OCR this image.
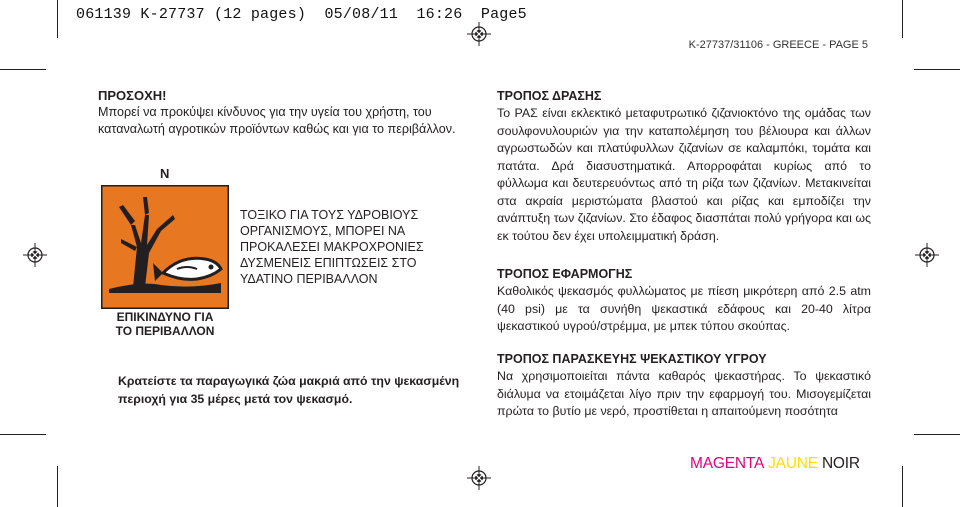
061139 K-27737 (12 pages)  05/08/11  16:26  Page5
K-27737/31106 - GREECE - PAGE 5

ΠΡΟΣΟΧΗ!

Μπορεί να προκύψει κίνδυνος για την υγεία του χρήστη, του καταναλωτή αγροτικών προϊόντων καθώς και για το περιβάλλον.

N
ΕΠΙΚΙΝΔΥΝΟ ΓΙΑ
ΤΟ ΠΕΡΙΒΑΛΛΟΝ
ΤΟΞΙΚΟ ΓΙΑ ΤΟΥΣ ΥΔΡΟΒΙΟΥΣ ΟΡΓΑΝΙΣΜΟΥΣ, ΜΠΟΡΕΙ ΝΑ ΠΡΟΚΑΛΕΣΕΙ ΜΑΚΡΟΧΡΟΝΙΕΣ ΔΥΣΜΕΝΕΙΣ ΕΠΙΠΤΩΣΕΙΣ ΣΤΟ ΥΔΑΤΙΝΟ ΠΕΡΙΒΑΛΛΟΝ
Κρατείστε τα παραγωγικά ζώα μακριά από την ψεκασμένη περιοχή για 35 μέρες μετά τον ψεκασμό.

ΤΡΟΠΟΣ ΔΡΑΣΗΣ

Το ΡΑΣ είναι εκλεκτικό μεταφυτρωτικό ζιζανιοκτόνο της ομάδας των σουλφονυλουριών για την καταπολέμηση του βέλιουρα και άλλων αγρωστωδών και πλατύφυλλων ζιζανίων σε καλαμπόκι, τομάτα και πατάτα. Δρά διασυστηματικά. Απορροφάται κυρίως από το φύλλωμα και δευτερευόντως από τη ρίζα των ζιζανίων. Μετακινείται στα ακραία μεριστώματα βλαστού και ρίζας και εμποδίζει την ανάπτυξη των ζιζανίων. Στο έδαφος διασπάται πολύ γρήγορα και ως εκ τούτου δεν έχει υπολειμματική δράση.

ΤΡΟΠΟΣ ΕΦΑΡΜΟΓΗΣ

Καθολικός ψεκασμός φυλλώματος με πίεση μικρότερη από 2.5 atm (40 psi) με τα συνήθη ψεκαστικά εδάφους και 20-40 λίτρα ψεκαστικού υγρού/στρέμμα, με μπεκ τύπου σκούπας.

ΤΡΟΠΟΣ ΠΑΡΑΣΚΕΥΗΣ ΨΕΚΑΣΤΙΚΟΥ ΥΓΡΟΥ

Να χρησιμοποιείται πάντα καθαρός ψεκαστήρας. Το ψεκαστικό διάλυμα να ετοιμάζεται λίγο πριν την εφαρμογή του. Μισογεμίζεται πρώτα το βυτίο με νερό, προστίθεται η απαιτούμενη ποσότητα

MAGENTA JAUNE NOIR
